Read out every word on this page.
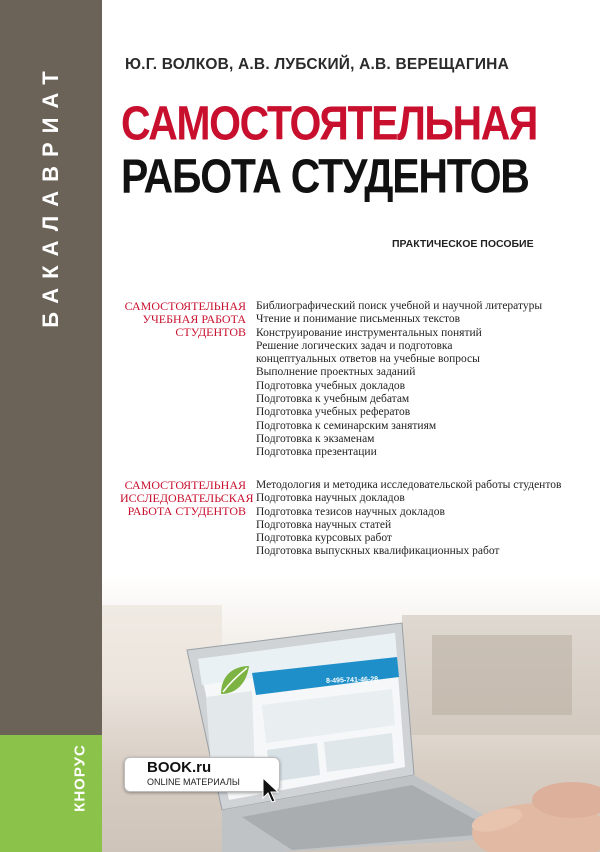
БАКАЛАВРИАТ
КНОРУС
Ю.Г. ВОЛКОВ, А.В. ЛУБСКИЙ, А.В. ВЕРЕЩАГИНА
САМОСТОЯТЕЛЬНАЯ
РАБОТА СТУДЕНТОВ
ПРАКТИЧЕСКОЕ ПОСОБИЕ
САМОСТОЯТЕЛЬНАЯ
УЧЕБНАЯ РАБОТА
СТУДЕНТОВ
Библиографический поиск учебной и научной литературы
Чтение и понимание письменных текстов
Конструирование инструментальных понятий
Решение логических задач и подготовка
концептуальных ответов на учебные вопросы
Выполнение проектных заданий
Подготовка учебных докладов
Подготовка к учебным дебатам
Подготовка учебных рефератов
Подготовка к семинарским занятиям
Подготовка к экзаменам
Подготовка презентации
САМОСТОЯТЕЛЬНАЯ
ИССЛЕДОВАТЕЛЬСКАЯ
РАБОТА СТУДЕНТОВ
Методология и методика исследовательской работы студентов
Подготовка научных докладов
Подготовка тезисов научных докладов
Подготовка научных статей
Подготовка курсовых работ
Подготовка выпускных квалификационных работ
8-495-741-46-28
BOOK.ru
ONLINE МАТЕРИАЛЫ
